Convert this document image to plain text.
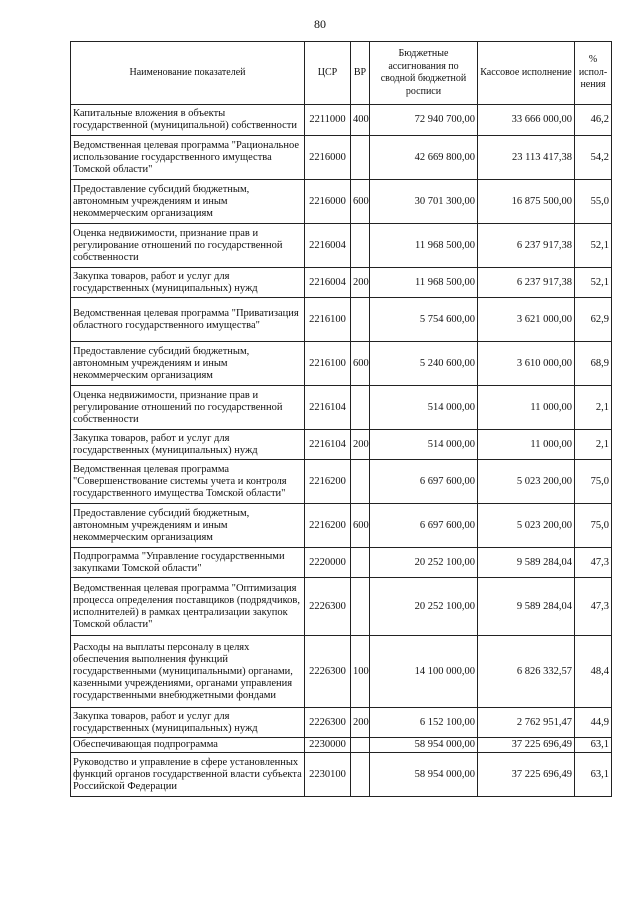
80
Наименование показателей	ЦСР	ВР	Бюджетные ассигнования по сводной бюджетной росписи	Кассовое исполнение	% испол-нения
Капитальные вложения в объекты государственной (муниципальной) собственности	2211000	400	72 940 700,00	33 666 000,00	46,2
Ведомственная целевая программа "Рациональное использование государственного имущества Томской области"	2216000		42 669 800,00	23 113 417,38	54,2
Предоставление субсидий бюджетным, автономным учреждениям и иным некоммерческим организациям	2216000	600	30 701 300,00	16 875 500,00	55,0
Оценка недвижимости, признание прав и регулирование отношений по государственной собственности	2216004		11 968 500,00	6 237 917,38	52,1
Закупка товаров, работ и услуг для государственных (муниципальных) нужд	2216004	200	11 968 500,00	6 237 917,38	52,1
Ведомственная целевая программа "Приватизация областного государственного имущества"	2216100		5 754 600,00	3 621 000,00	62,9
Предоставление субсидий бюджетным, автономным учреждениям и иным некоммерческим организациям	2216100	600	5 240 600,00	3 610 000,00	68,9
Оценка недвижимости, признание прав и регулирование отношений по государственной собственности	2216104		514 000,00	11 000,00	2,1
Закупка товаров, работ и услуг для государственных (муниципальных) нужд	2216104	200	514 000,00	11 000,00	2,1
Ведомственная целевая программа "Совершенствование системы учета и контроля государственного имущества Томской области"	2216200		6 697 600,00	5 023 200,00	75,0
Предоставление субсидий бюджетным, автономным учреждениям и иным некоммерческим организациям	2216200	600	6 697 600,00	5 023 200,00	75,0
Подпрограмма "Управление государственными закупками Томской области"	2220000		20 252 100,00	9 589 284,04	47,3
Ведомственная целевая программа "Оптимизация процесса определения поставщиков (подрядчиков, исполнителей) в рамках централизации закупок Томской области"	2226300		20 252 100,00	9 589 284,04	47,3
Расходы на выплаты персоналу в целях обеспечения выполнения функций государственными (муниципальными) органами, казенными учреждениями, органами управления государственными внебюджетными фондами	2226300	100	14 100 000,00	6 826 332,57	48,4
Закупка товаров, работ и услуг для государственных (муниципальных) нужд	2226300	200	6 152 100,00	2 762 951,47	44,9
Обеспечивающая подпрограмма	2230000		58 954 000,00	37 225 696,49	63,1
Руководство и управление в сфере установленных функций органов государственной власти субъекта Российской Федерации	2230100		58 954 000,00	37 225 696,49	63,1
